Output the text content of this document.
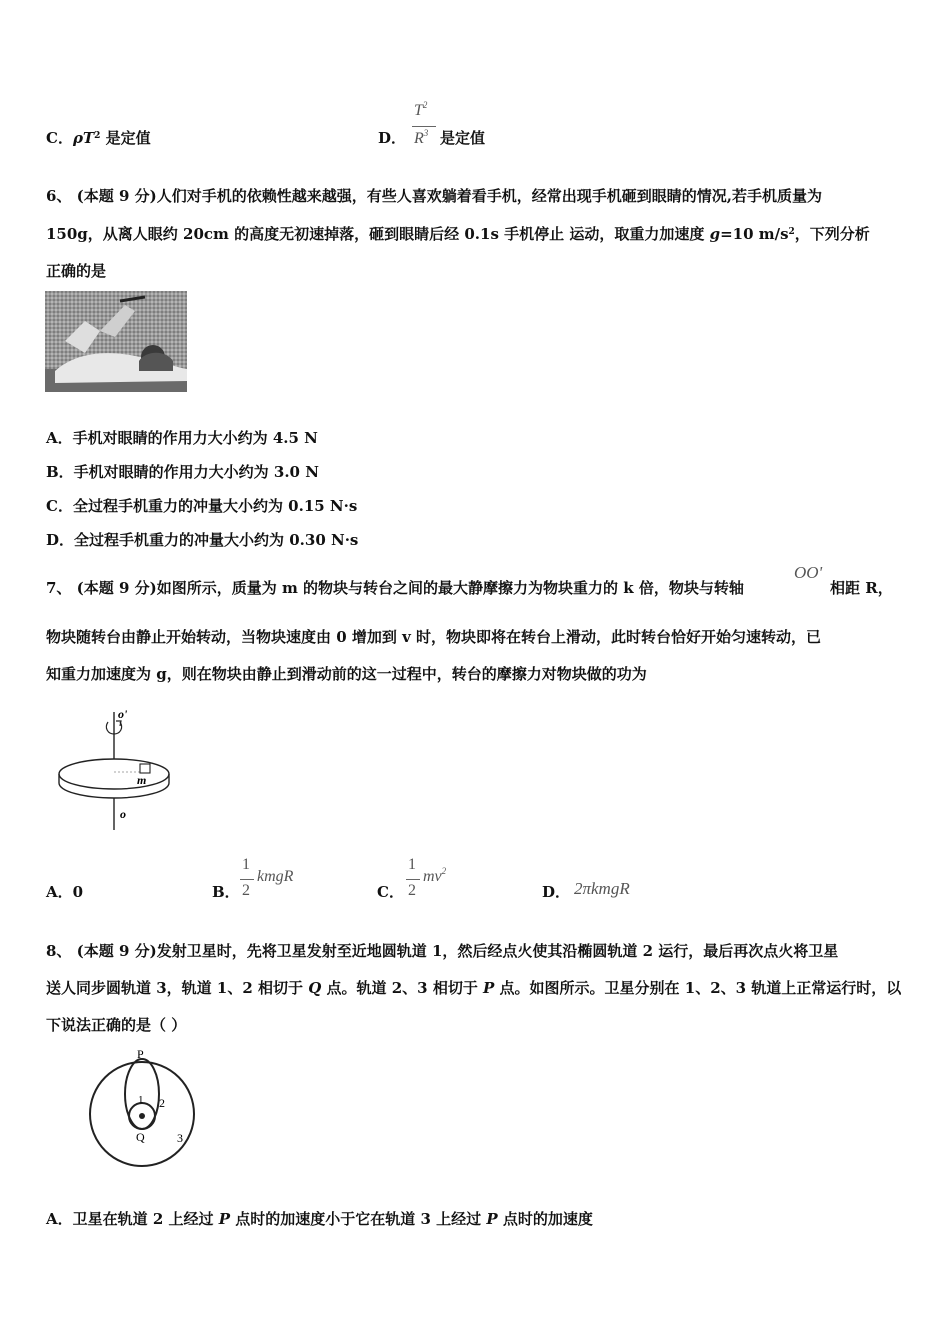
C．$\rho T^2$ 是定值	D．
$T^2$
$R^3$ 是定值
6、 (本题 9 分)人们对手机的依赖性越来越强，有些人喜欢躺着看手机，经常出现手机砸到眼睛的情况,若手机质量为
150g，从离人眼约 20cm 的高度无初速掉落，砸到眼睛后经 0.1s 手机停止 运动，取重力加速度 g=10 $m/s^2$，下列分析
正确的是
A．手机对眼睛的作用力大小约为 4.5 N
B．手机对眼睛的作用力大小约为 3.0 N
C．全过程手机重力的冲量大小约为 0.15 N·s
D．全过程手机重力的冲量大小约为 0.30 N·s
7、 (本题 9 分)如图所示，质量为 m 的物块与转台之间的最大静摩擦力为物块重力的 k 倍，物块与转轴
OO'
相距 R，
物块随转台由静止开始转动，当物块速度由 0 增加到 v 时，物块即将在转台上滑动，此时转台恰好开始匀速转动，已
知重力加速度为 g，则在物块由静止到滑动前的这一过程中，转台的摩擦力对物块做的功为
o'
m
o
A．0	B．
1
2
kmgR
C．
1
2
$mv^2$
D． 2πkmgR
8、 (本题 9 分)发射卫星时，先将卫星发射至近地圆轨道 1，然后经点火使其沿椭圆轨道 2 运行，最后再次点火将卫星
送人同步圆轨道 3，轨道 1、2 相切于 Q 点。轨道 2、3 相切于 P 点。如图所示。卫星分别在 1、2、3 轨道上正常运行时，以
下说法正确的是（ ）
P
Q
1 2
3
A．卫星在轨道 2 上经过 P 点时的加速度小于它在轨道 3 上经过 P 点时的加速度
